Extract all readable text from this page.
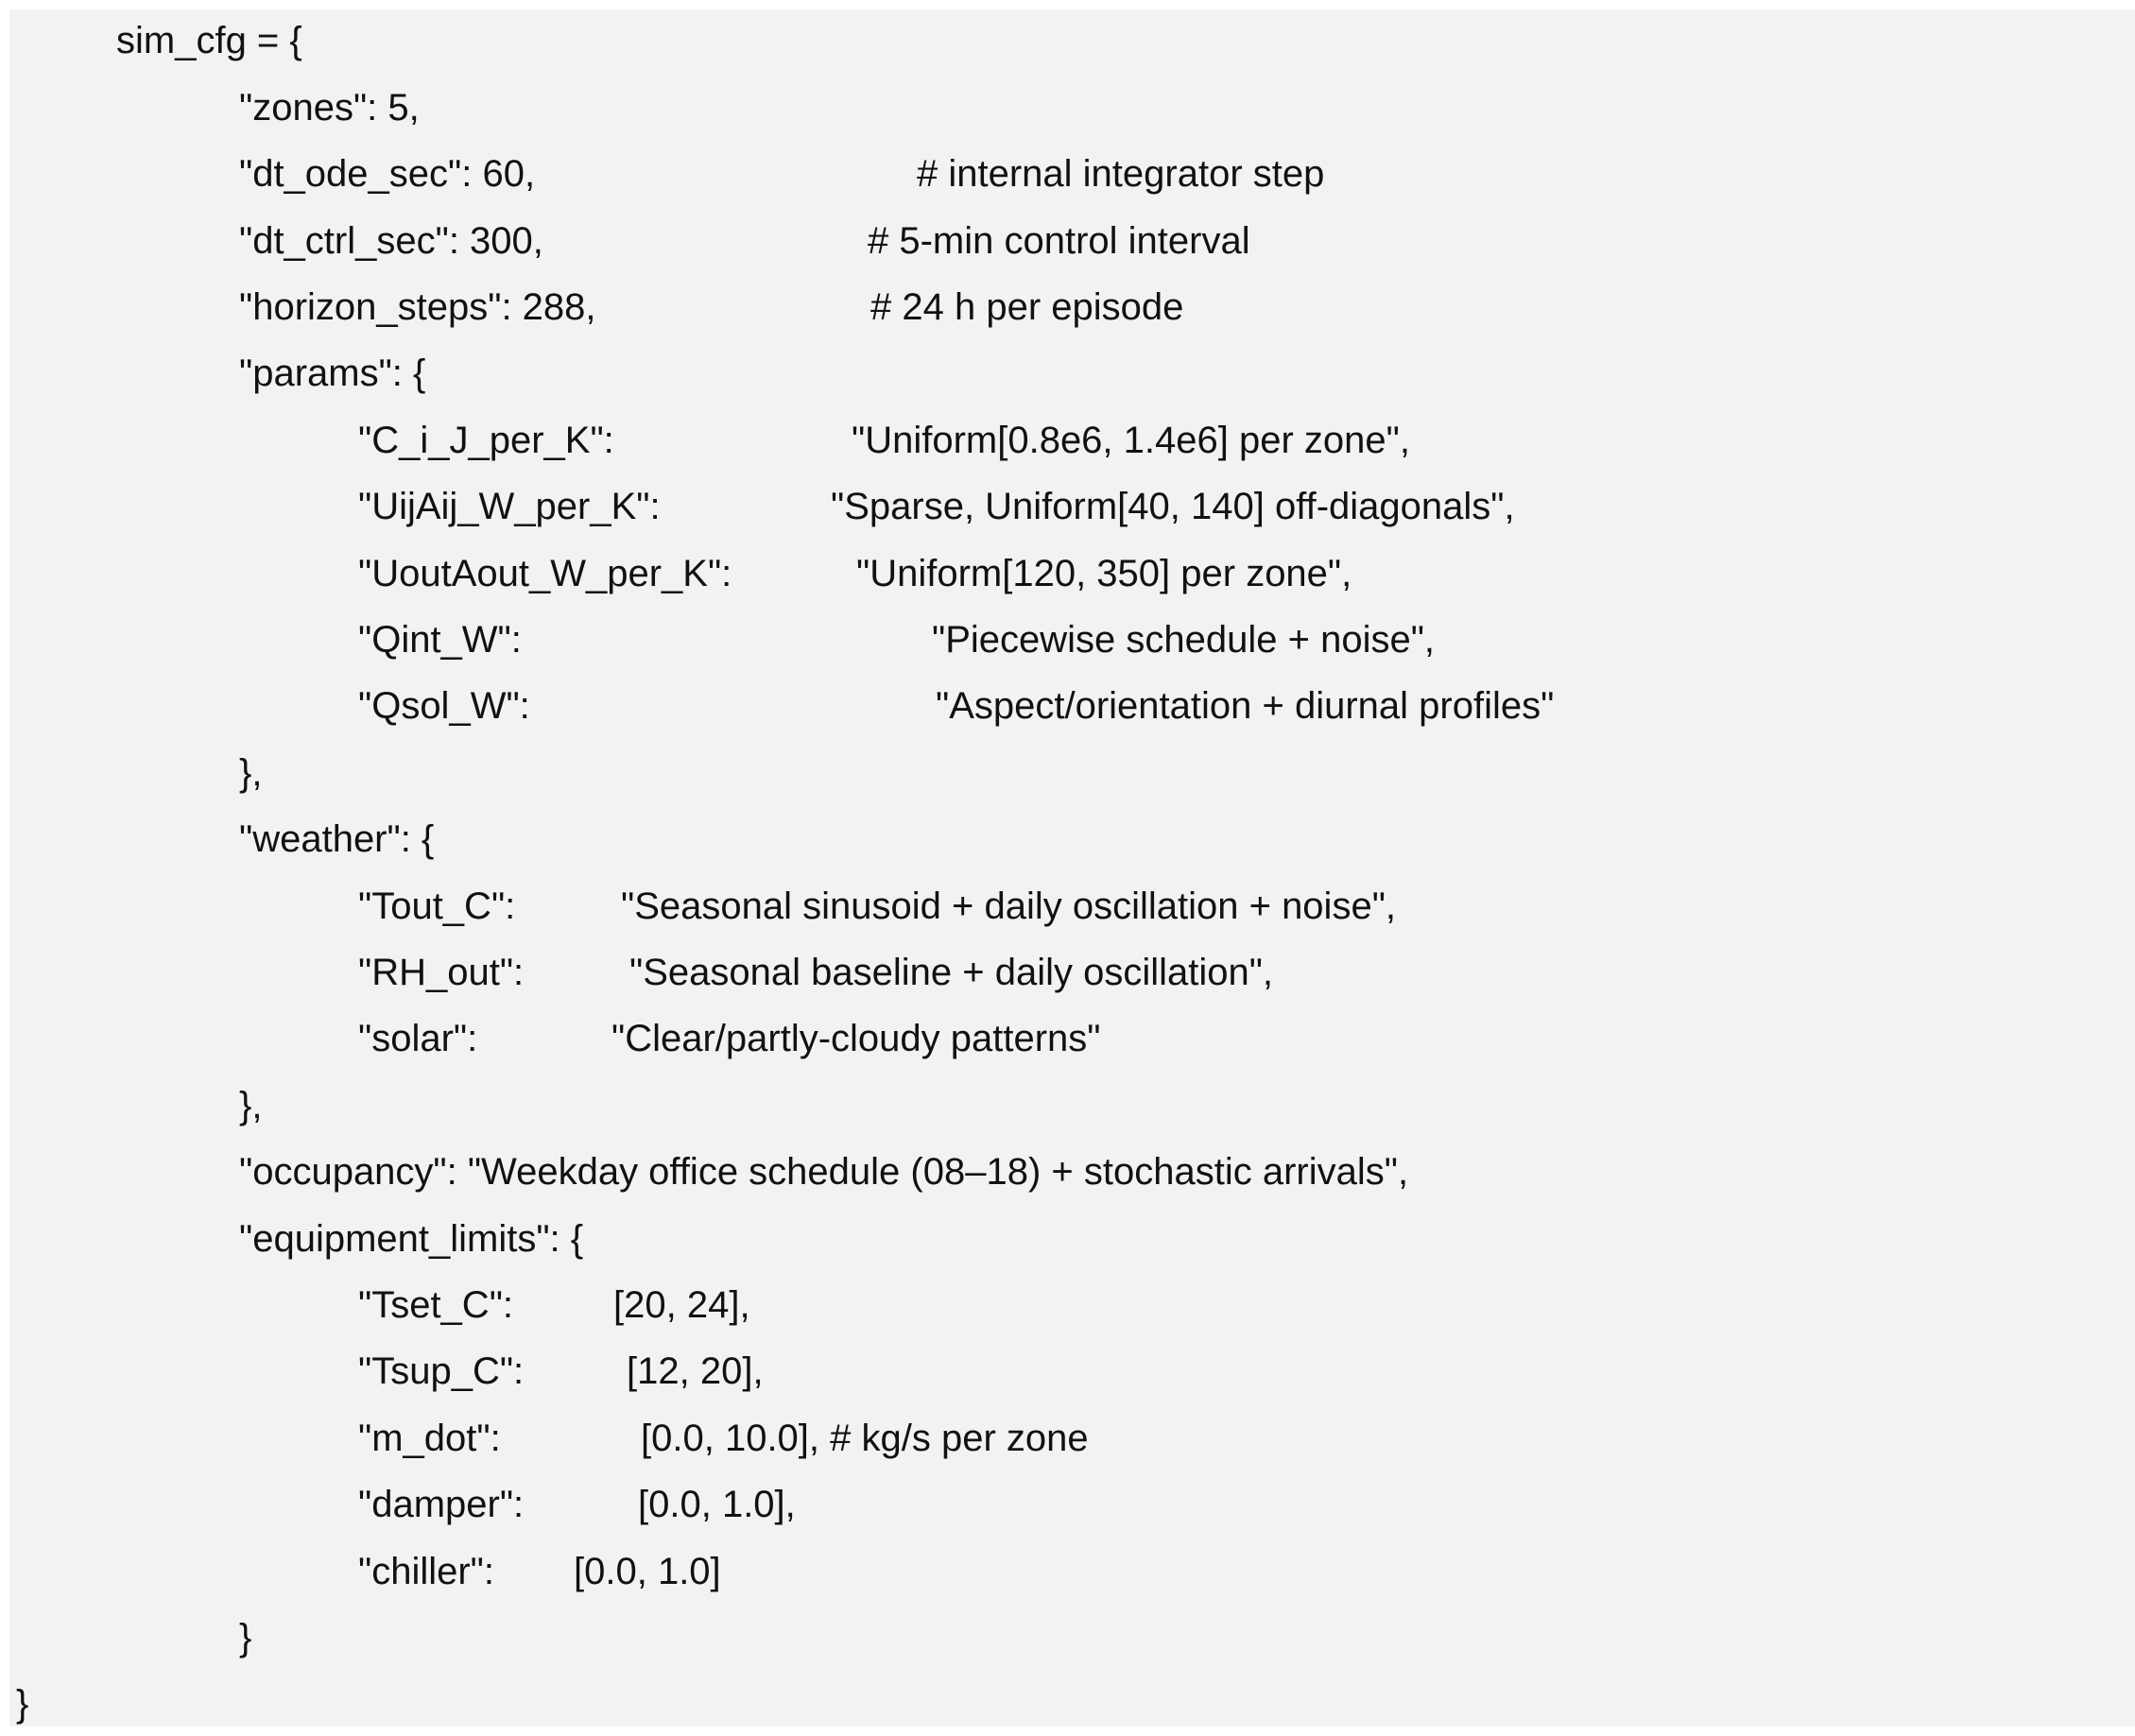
sim_cfg = {
"zones": 5,

"dt_ode_sec": 60,

	# internal integrator step

"dt_ctrl_sec": 300,

	# 5-min control interval

"horizon_steps": 288,

	# 24 h per episode

"params": {

"C_i_J_per_K":

	"Uniform[0.8e6, 1.4e6] per zone",

"UijAij_W_per_K":

	"Sparse, Uniform[40, 140] off-diagonals",

"UoutAout_W_per_K":

	"Uniform[120, 350] per zone",

"Qint_W":

	"Piecewise schedule + noise",

"Qsol_W":

	"Aspect/orientation + diurnal profiles"

},
"weather": {

"Tout_C":

	"Seasonal sinusoid + daily oscillation + noise",

"RH_out":

	"Seasonal baseline + daily oscillation",

"solar":

	"Clear/partly-cloudy patterns"

},
"occupancy": "Weekday office schedule (08–18) + stochastic arrivals",
"equipment_limits": {

"Tset_C":

	[20, 24],

"Tsup_C":

	[12, 20],

"m_dot":

	[0.0, 10.0], # kg/s per zone

"damper":

	[0.0, 1.0],

"chiller":

[0.0, 1.0]

}
}
